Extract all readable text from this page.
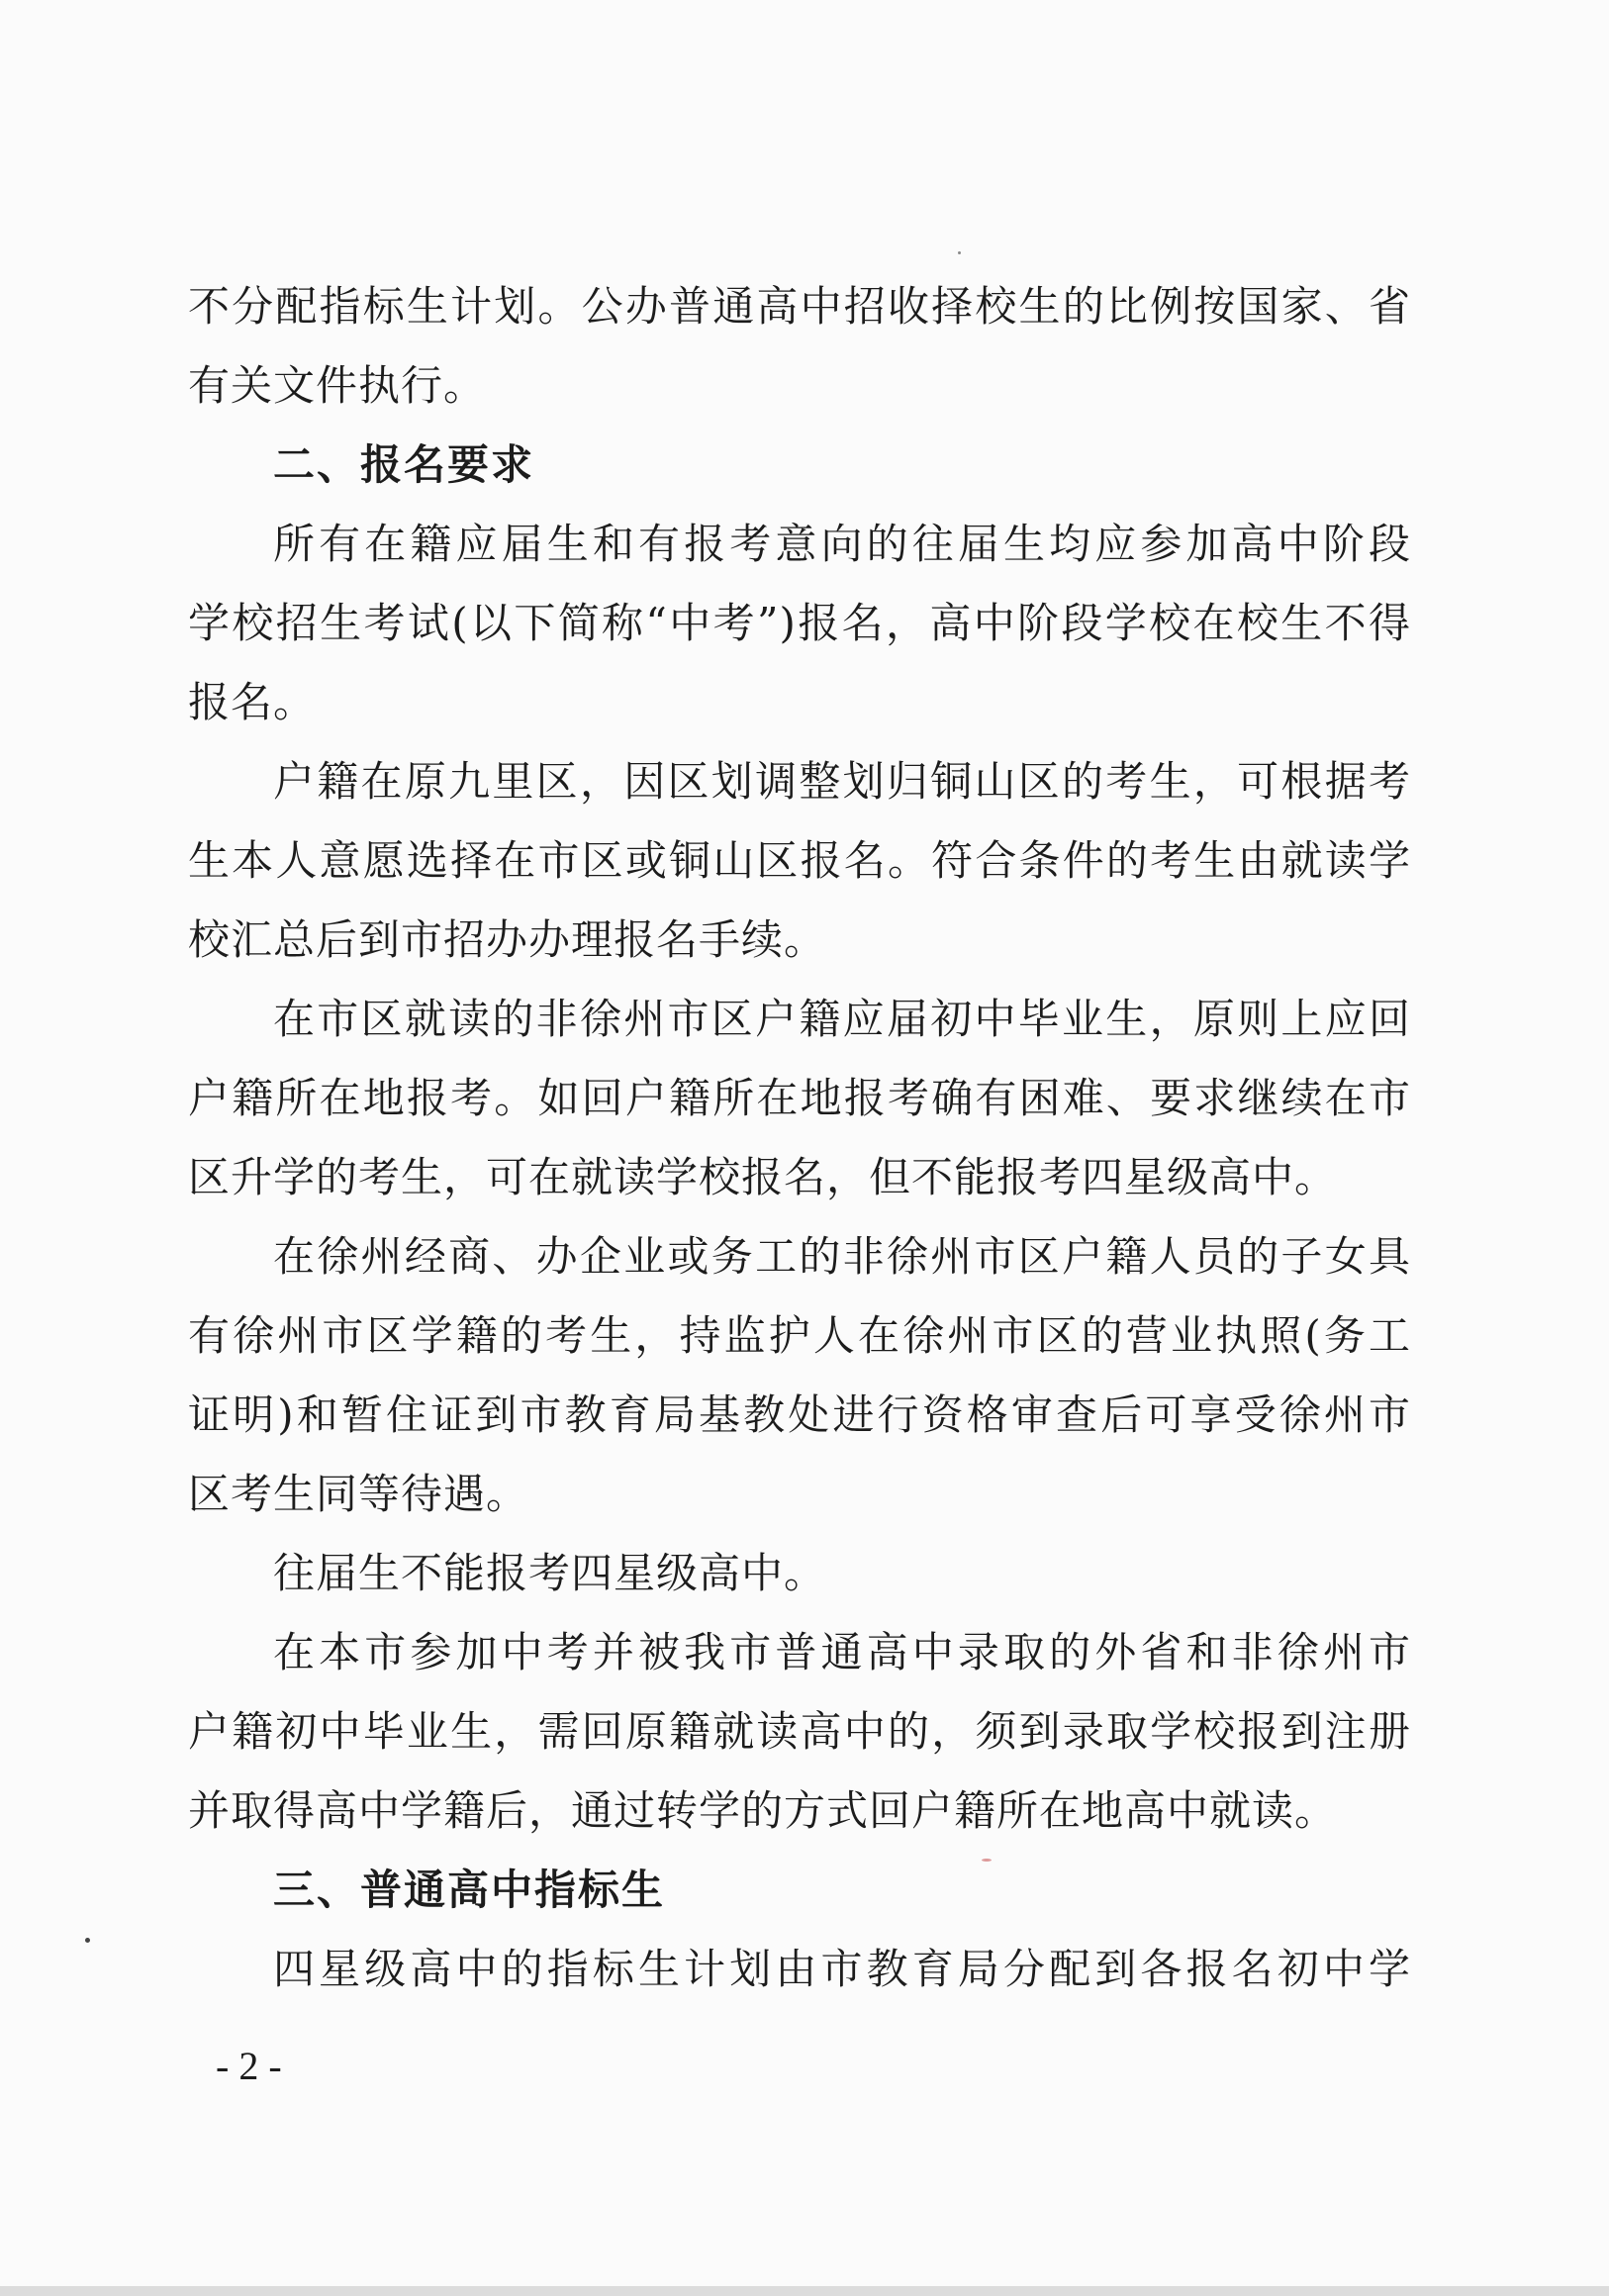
不分配指标生计划。公办普通高中招收择校生的比例按国家、省
有关文件执行。
二、报名要求
所有在籍应届生和有报考意向的往届生均应参加高中阶段
学校招生考试(以下简称“中考”)报名，高中阶段学校在校生不得
报名。
户籍在原九里区，因区划调整划归铜山区的考生，可根据考
生本人意愿选择在市区或铜山区报名。符合条件的考生由就读学
校汇总后到市招办办理报名手续。
在市区就读的非徐州市区户籍应届初中毕业生，原则上应回
户籍所在地报考。如回户籍所在地报考确有困难、要求继续在市
区升学的考生，可在就读学校报名，但不能报考四星级高中。
在徐州经商、办企业或务工的非徐州市区户籍人员的子女具
有徐州市区学籍的考生，持监护人在徐州市区的营业执照(务工
证明)和暂住证到市教育局基教处进行资格审查后可享受徐州市
区考生同等待遇。
往届生不能报考四星级高中。
在本市参加中考并被我市普通高中录取的外省和非徐州市
户籍初中毕业生，需回原籍就读高中的，须到录取学校报到注册
并取得高中学籍后，通过转学的方式回户籍所在地高中就读。
三、普通高中指标生
四星级高中的指标生计划由市教育局分配到各报名初中学
- 2 -
